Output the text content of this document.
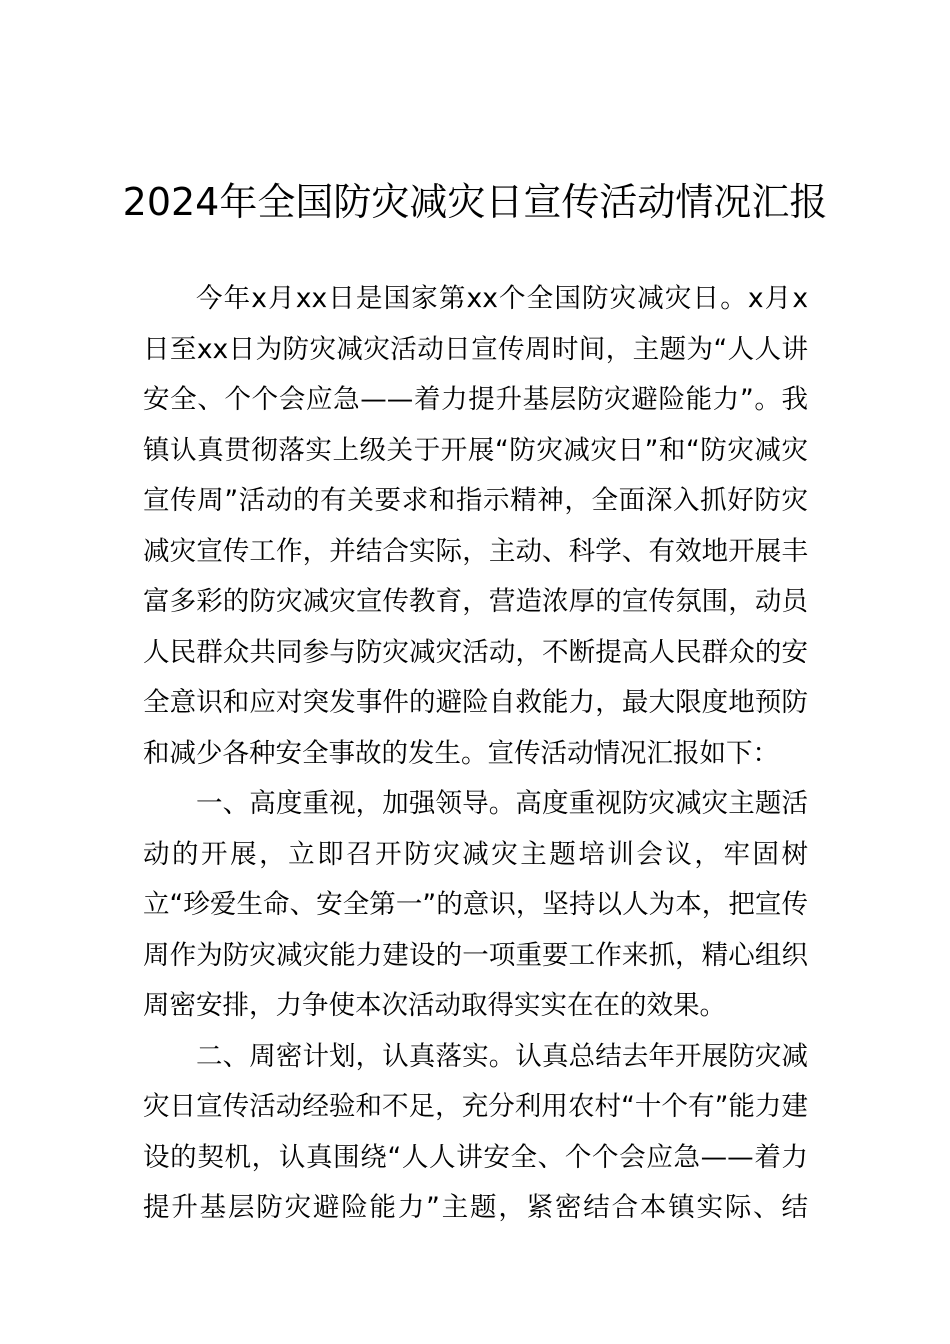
2024年全国防灾减灾日宣传活动情况汇报

今年x月xx日是国家第xx个全国防灾减灾日。x月x日至xx日为防灾减灾活动日宣传周时间，主题为“人人讲安全、个个会应急——着力提升基层防灾避险能力”。我镇认真贯彻落实上级关于开展“防灾减灾日”和“防灾减灾宣传周”活动的有关要求和指示精神，全面深入抓好防灾减灾宣传工作，并结合实际，主动、科学、有效地开展丰富多彩的防灾减灾宣传教育，营造浓厚的宣传氛围，动员人民群众共同参与防灾减灾活动，不断提高人民群众的安全意识和应对突发事件的避险自救能力，最大限度地预防和减少各种安全事故的发生。宣传活动情况汇报如下：

一、高度重视，加强领导。高度重视防灾减灾主题活动的开展，立即召开防灾减灾主题培训会议，牢固树立“珍爱生命、安全第一”的意识，坚持以人为本，把宣传周作为防灾减灾能力建设的一项重要工作来抓，精心组织周密安排，力争使本次活动取得实实在在的效果。

二、周密计划，认真落实。认真总结去年开展防灾减灾日宣传活动经验和不足，充分利用农村“十个有”能力建设的契机，认真围绕“人人讲安全、个个会应急——着力提升基层防灾避险能力”主题，紧密结合本镇实际、结
